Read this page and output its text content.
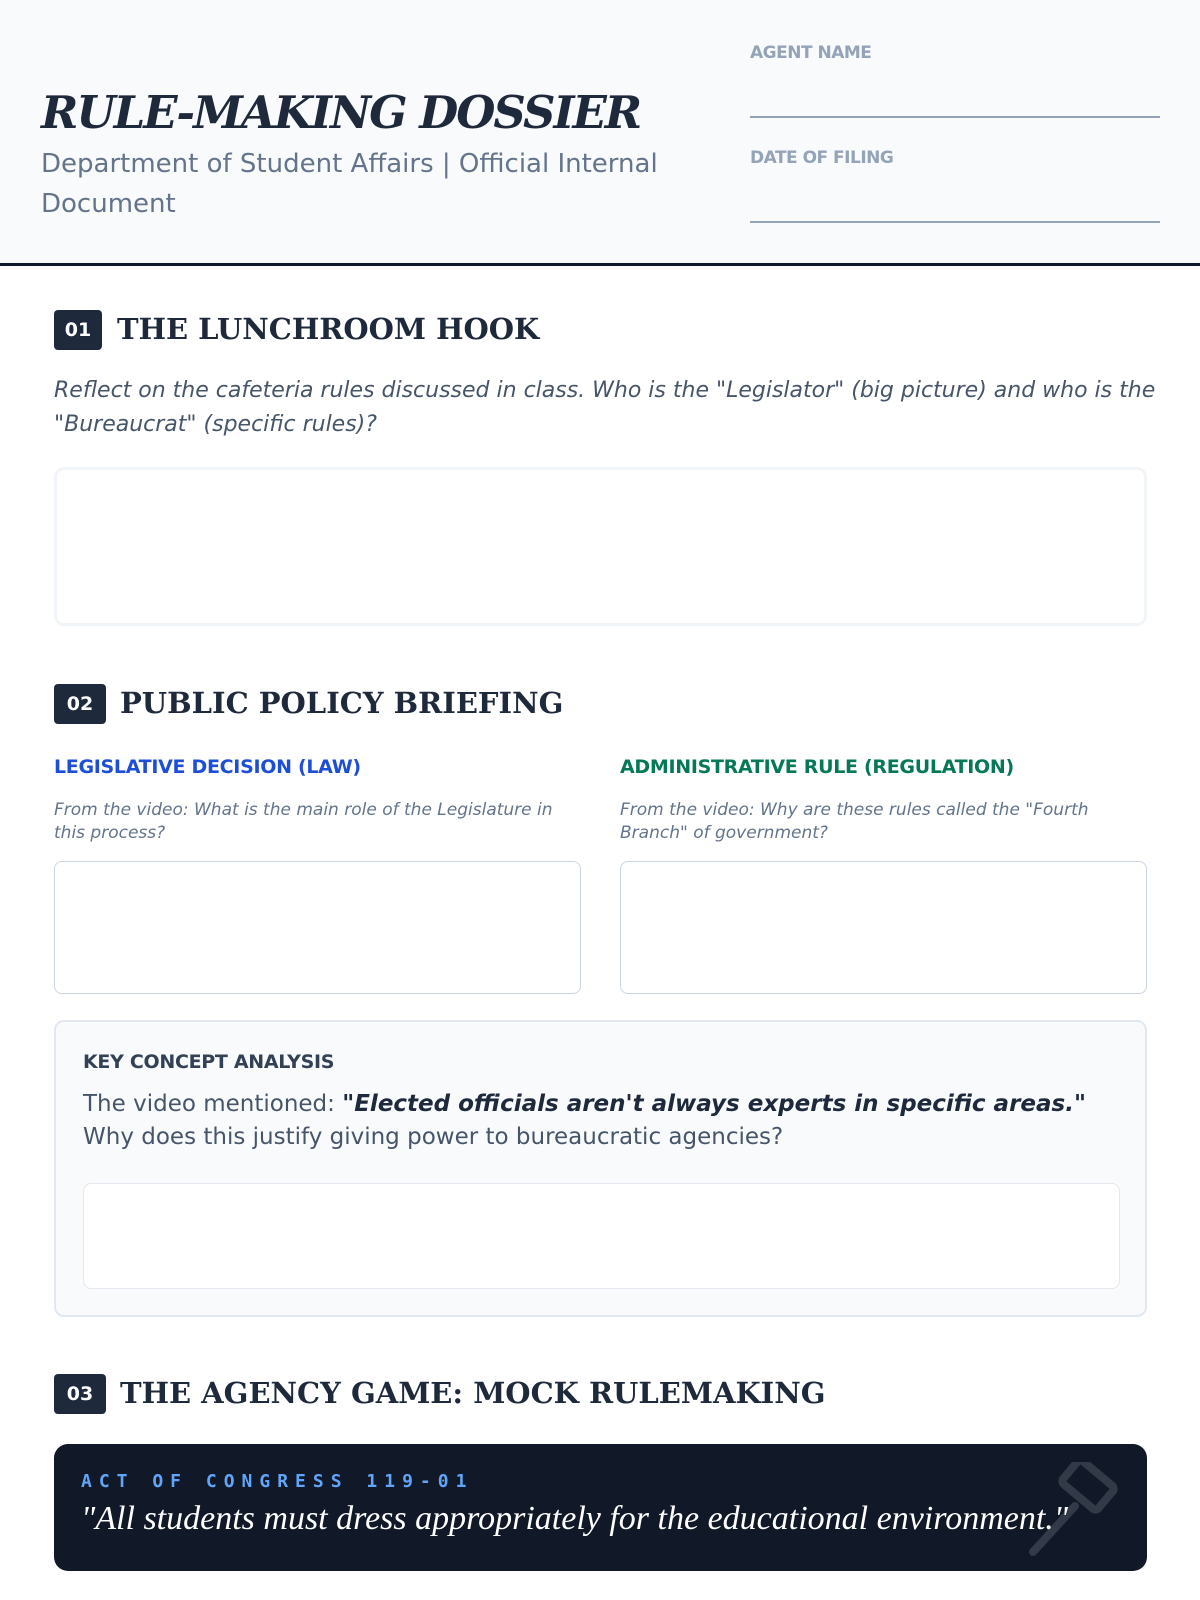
RULE-MAKING DOSSIER
Department of Student Affairs | Official Internal Document
AGENT NAME
DATE OF FILING
01 THE LUNCHROOM HOOK
Reflect on the cafeteria rules discussed in class. Who is the "Legislator" (big picture) and who is the "Bureaucrat" (specific rules)?
02 PUBLIC POLICY BRIEFING
LEGISLATIVE DECISION (LAW)
From the video: What is the main role of the Legislature in this process?
ADMINISTRATIVE RULE (REGULATION)
From the video: Why are these rules called the "Fourth Branch" of government?
KEY CONCEPT ANALYSIS
The video mentioned: "Elected officials aren't always experts in specific areas." Why does this justify giving power to bureaucratic agencies?
03 THE AGENCY GAME: MOCK RULEMAKING
ACT OF CONGRESS 119-01
"All students must dress appropriately for the educational environment."
